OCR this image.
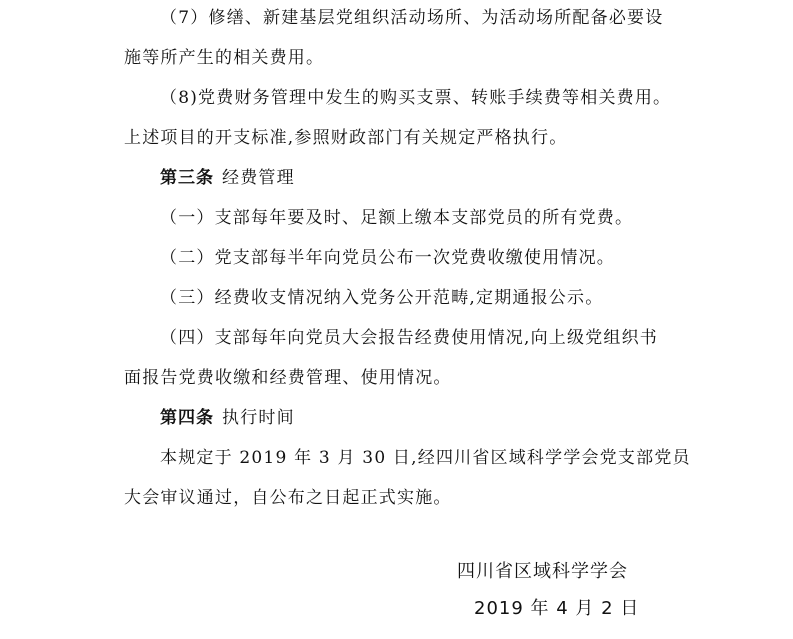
（7）修缮、新建基层党组织活动场所、为活动场所配备必要设
施等所产生的相关费用。
（8)党费财务管理中发生的购买支票、转账手续费等相关费用。
上述项目的开支标准,参照财政部门有关规定严格执行。
第三条 经费管理
（一）支部每年要及时、足额上缴本支部党员的所有党费。
（二）党支部每半年向党员公布一次党费收缴使用情况。
（三）经费收支情况纳入党务公开范畴,定期通报公示。
（四）支部每年向党员大会报告经费使用情况,向上级党组织书
面报告党费收缴和经费管理、使用情况。
第四条 执行时间
本规定于 2019 年 3 月 30 日,经四川省区域科学学会党支部党员
大会审议通过，自公布之日起正式实施。
四川省区域科学学会
2019 年 4 月 2 日
